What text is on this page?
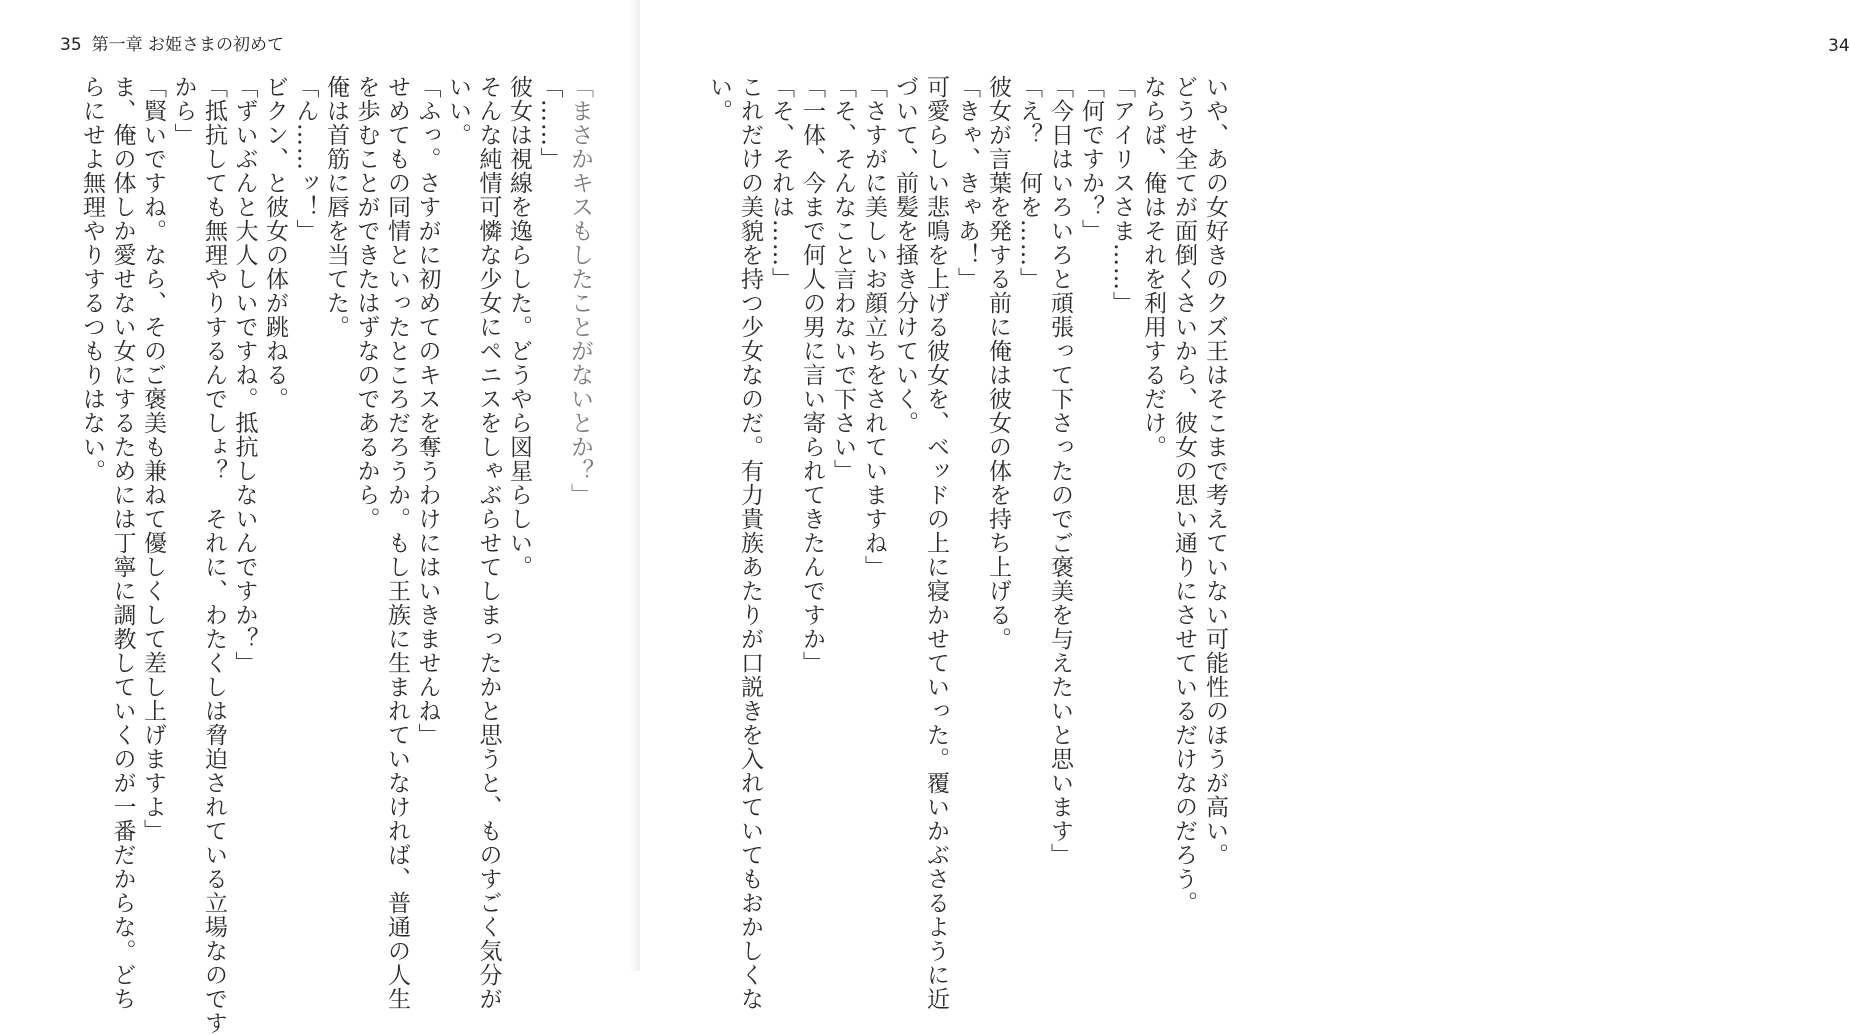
35 第一章 お姫さまの初めて
「まさかキスもしたことがないとか？」
「……」
彼女は視線を逸らした。どうやら図星らしい。
そんな純情可憐な少女にペニスをしゃぶらせてしまったかと思うと、ものすごく気分が
いい。
「ふっ。さすがに初めてのキスを奪うわけにはいきませんね」
せめてもの同情といったところだろうか。もし王族に生まれていなければ、普通の人生
を歩むことができたはずなのであるから。
俺は首筋に唇を当てた。
「ん……ッ！」
ビクン、と彼女の体が跳ねる。
「ずいぶんと大人しいですね。抵抗しないんですか？」
「抵抗しても無理やりするんでしょ？　それに、わたくしは脅迫されている立場なのです
から」
「賢いですね。なら、そのご褒美も兼ねて優しくして差し上げますよ」
ま、俺の体しか愛せない女にするためには丁寧に調教していくのが一番だからな。どち
らにせよ無理やりするつもりはない。
34
いや、あの女好きのクズ王はそこまで考えていない可能性のほうが高い。
どうせ全てが面倒くさいから、彼女の思い通りにさせているだけなのだろう。
ならば、俺はそれを利用するだけ。
「アイリスさま……」
「何ですか？」
「今日はいろいろと頑張って下さったのでご褒美を与えたいと思います」
「え？　何を……」
彼女が言葉を発する前に俺は彼女の体を持ち上げる。
「きゃ、きゃあ！」
可愛らしい悲鳴を上げる彼女を、ベッドの上に寝かせていった。覆いかぶさるように近
づいて、前髪を掻き分けていく。
「さすがに美しいお顔立ちをされていますね」
「そ、そんなこと言わないで下さい」
「一体、今まで何人の男に言い寄られてきたんですか」
「そ、それは……」
これだけの美貌を持つ少女なのだ。有力貴族あたりが口説きを入れていてもおかしくな
い。
